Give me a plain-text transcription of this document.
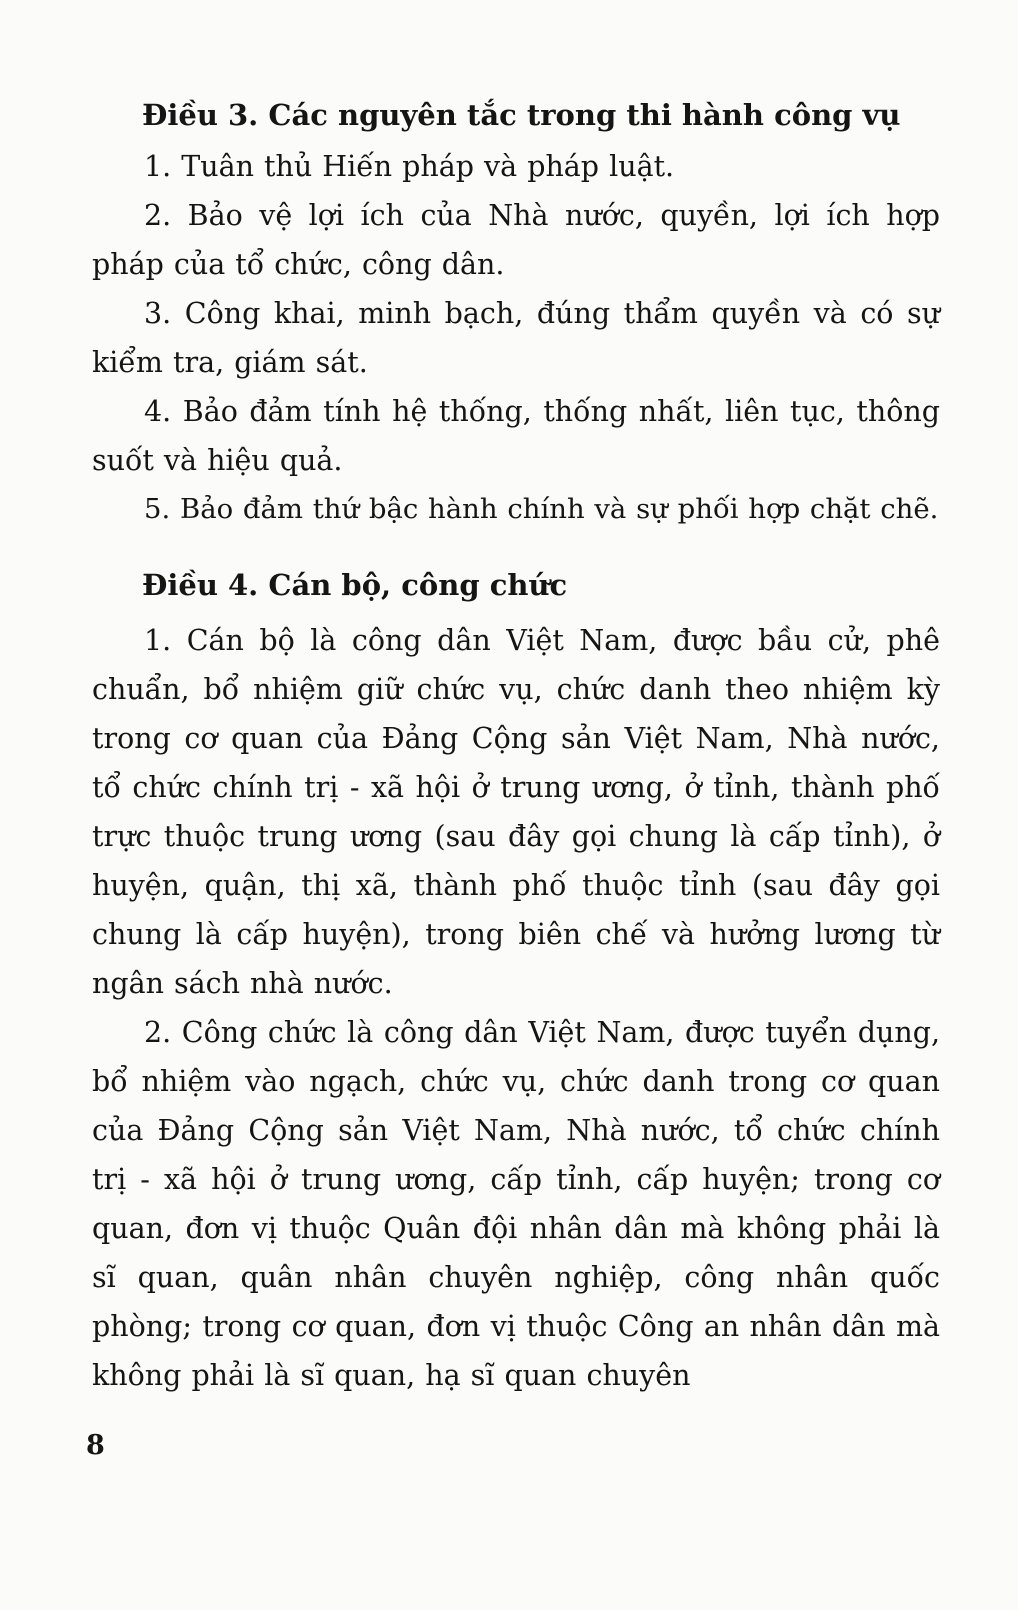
Điều 3. Các nguyên tắc trong thi hành công vụ

1. Tuân thủ Hiến pháp và pháp luật.

2. Bảo vệ lợi ích của Nhà nước, quyền, lợi ích hợp pháp của tổ chức, công dân.

3. Công khai, minh bạch, đúng thẩm quyền và có sự kiểm tra, giám sát.

4. Bảo đảm tính hệ thống, thống nhất, liên tục, thông suốt và hiệu quả.

5. Bảo đảm thứ bậc hành chính và sự phối hợp chặt chẽ.

Điều 4. Cán bộ, công chức

1. Cán bộ là công dân Việt Nam, được bầu cử, phê chuẩn, bổ nhiệm giữ chức vụ, chức danh theo nhiệm kỳ trong cơ quan của Đảng Cộng sản Việt Nam, Nhà nước, tổ chức chính trị - xã hội ở trung ương, ở tỉnh, thành phố trực thuộc trung ương (sau đây gọi chung là cấp tỉnh), ở huyện, quận, thị xã, thành phố thuộc tỉnh (sau đây gọi chung là cấp huyện), trong biên chế và hưởng lương từ ngân sách nhà nước.

2. Công chức là công dân Việt Nam, được tuyển dụng, bổ nhiệm vào ngạch, chức vụ, chức danh trong cơ quan của Đảng Cộng sản Việt Nam, Nhà nước, tổ chức chính trị - xã hội ở trung ương, cấp tỉnh, cấp huyện; trong cơ quan, đơn vị thuộc Quân đội nhân dân mà không phải là sĩ quan, quân nhân chuyên nghiệp, công nhân quốc phòng; trong cơ quan, đơn vị thuộc Công an nhân dân mà không phải là sĩ quan, hạ sĩ quan chuyên

8
